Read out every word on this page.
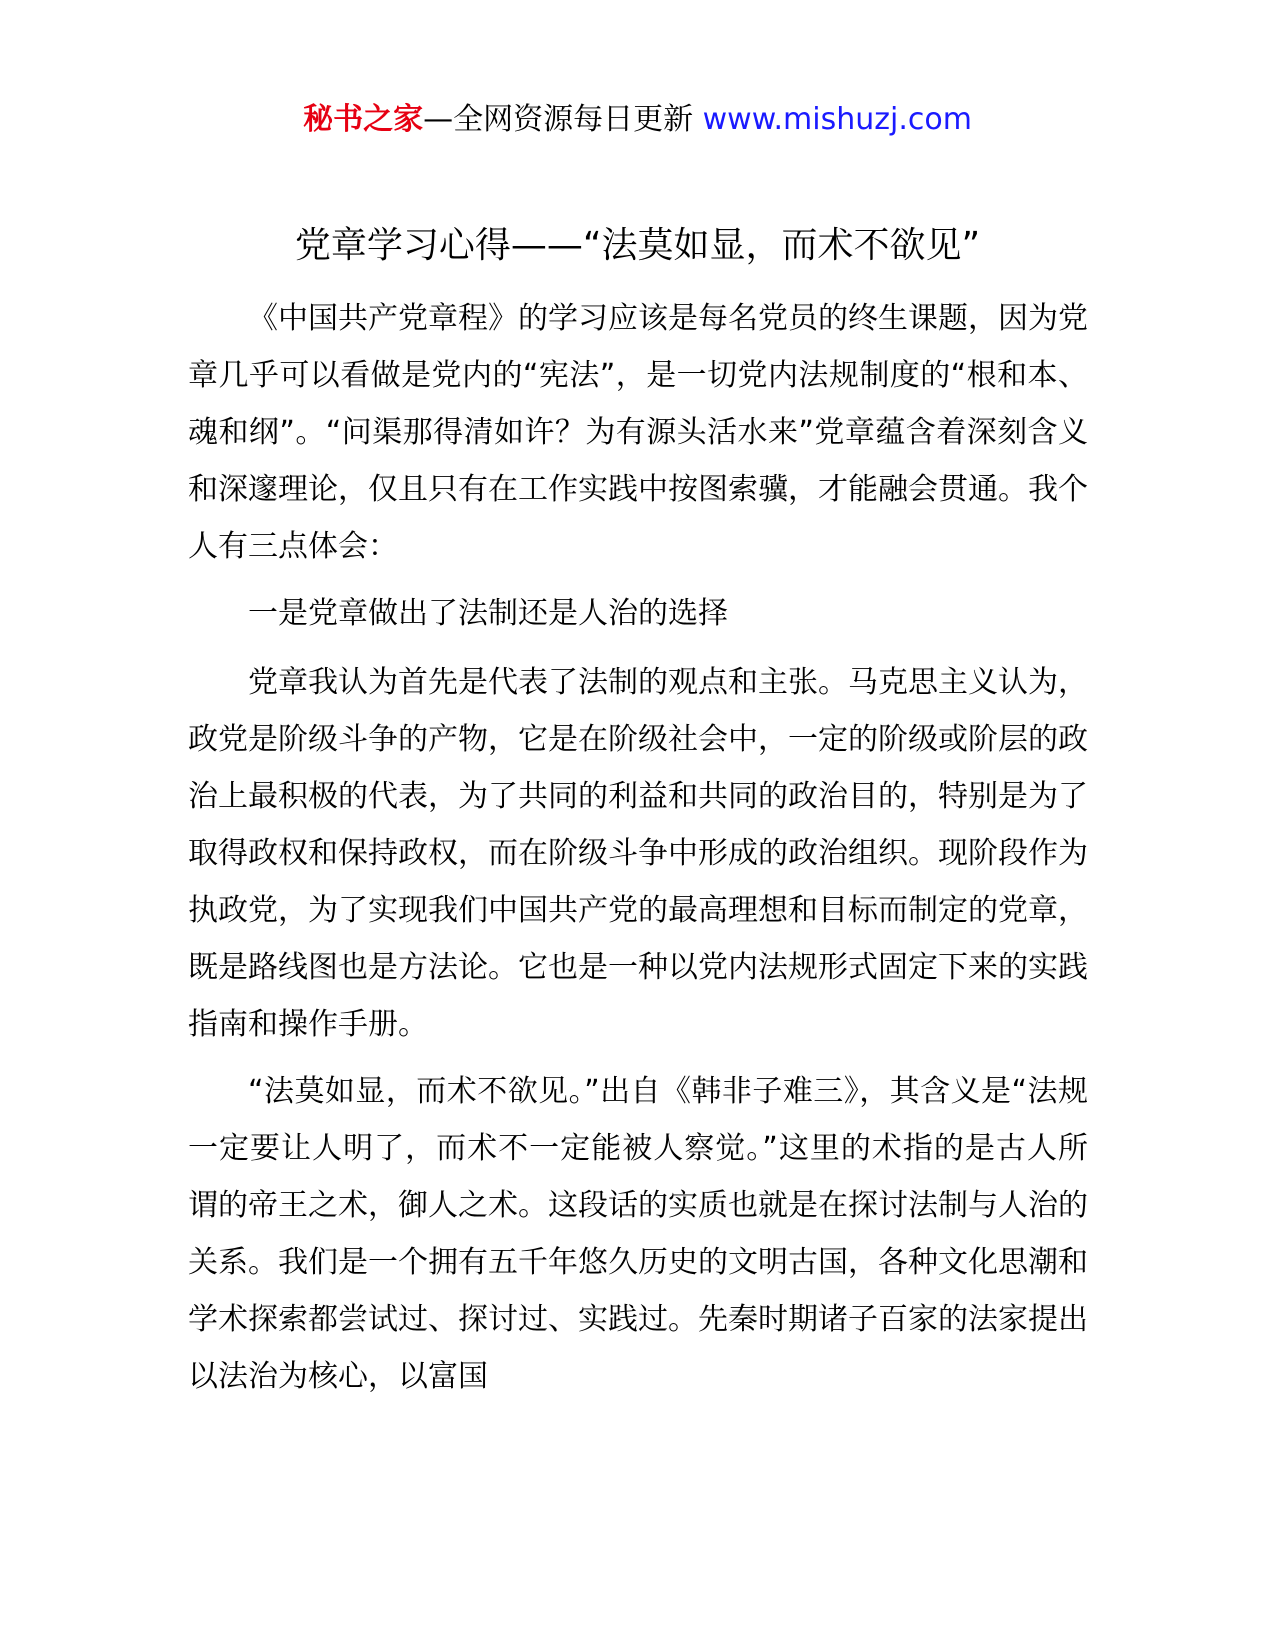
秘书之家—全网资源每日更新 www.mishuzj.com
党章学习心得——“法莫如显，而术不欲见”

《中国共产党章程》的学习应该是每名党员的终生课题，因为党章几乎可以看做是党内的“宪法”，是一切党内法规制度的“根和本、魂和纲”。“问渠那得清如许？为有源头活水来”党章蕴含着深刻含义和深邃理论，仅且只有在工作实践中按图索骥，才能融会贯通。我个人有三点体会：

一是党章做出了法制还是人治的选择

党章我认为首先是代表了法制的观点和主张。马克思主义认为，政党是阶级斗争的产物，它是在阶级社会中，一定的阶级或阶层的政治上最积极的代表，为了共同的利益和共同的政治目的，特别是为了取得政权和保持政权，而在阶级斗争中形成的政治组织。现阶段作为执政党，为了实现我们中国共产党的最高理想和目标而制定的党章，既是路线图也是方法论。它也是一种以党内法规形式固定下来的实践指南和操作手册。

“法莫如显，而术不欲见。”出自《韩非子难三》，其含义是“法规一定要让人明了，而术不一定能被人察觉。”这里的术指的是古人所谓的帝王之术，御人之术。这段话的实质也就是在探讨法制与人治的关系。我们是一个拥有五千年悠久历史的文明古国，各种文化思潮和学术探索都尝试过、探讨过、实践过。先秦时期诸子百家的法家提出以法治为核心，以富国
